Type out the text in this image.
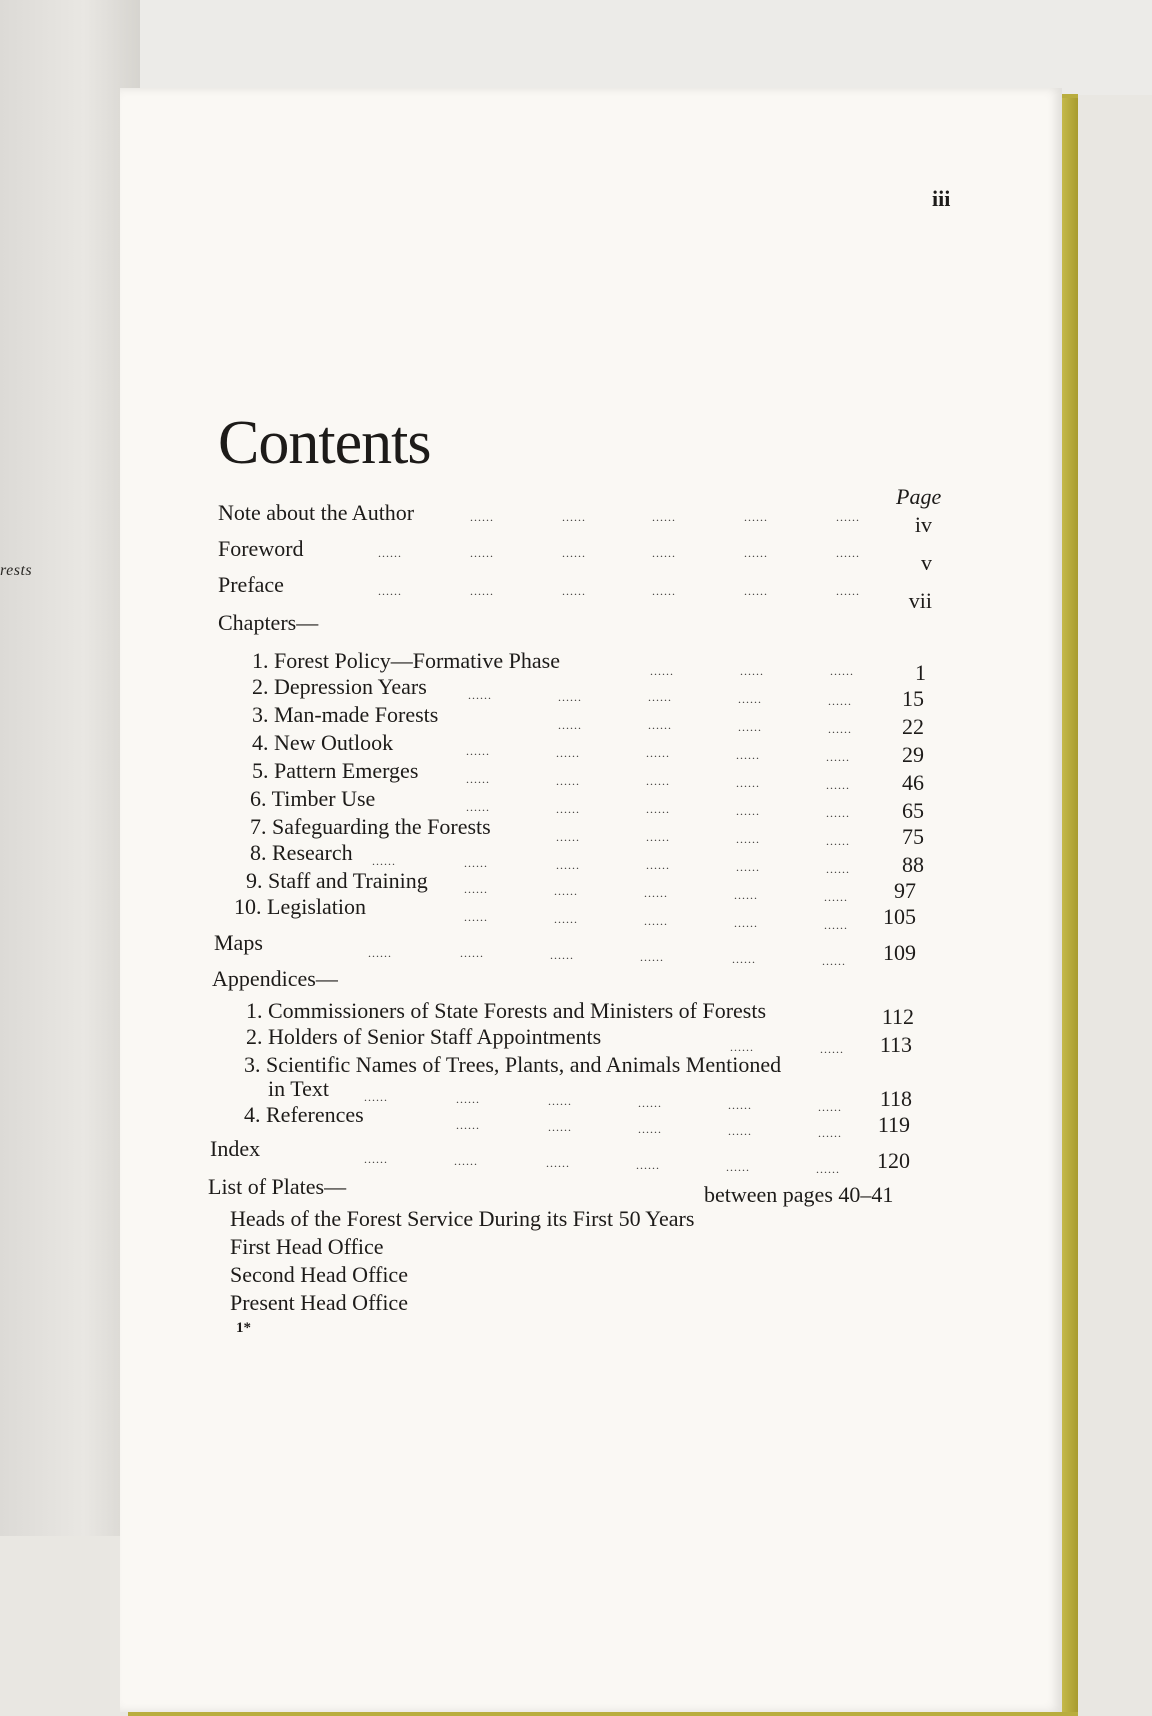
rests
iii
Contents
Page
Note about the Author	......	......	......	......	......	iv
Foreword	......	......	......	......	......	......	v
Preface	......	......	......	......	......	......	vii
Chapters—
1. Forest Policy—Formative Phase	......	......	......	1
2. Depression Years	......	......	......	......	......	15
3. Man-made Forests	......	......	......	......	22
4. New Outlook	......	......	......	......	......	29
5. Pattern Emerges	......	......	......	......	......	46
6. Timber Use	......	......	......	......	......	65
7. Safeguarding the Forests	......	......	......	......	75
8. Research ......	......	......	......	......	......	88
9. Staff and Training	......	......	......	......	......	97
10. Legislation	......	......	......	......	......	105
Maps	......	......	......	......	......	......	109
Appendices—
1. Commissioners of State Forests and Ministers of Forests	112
2. Holders of Senior Staff Appointments	......	......	113
3. Scientific Names of Trees, Plants, and Animals Mentioned
in Text	......	......	......	......	......	......	118
4. References	......	......	......	......	......	119
Index	......	......	......	......	......	......	120
List of Plates—	between pages 40–41
Heads of the Forest Service During its First 50 Years
First Head Office
Second Head Office
Present Head Office
1*
